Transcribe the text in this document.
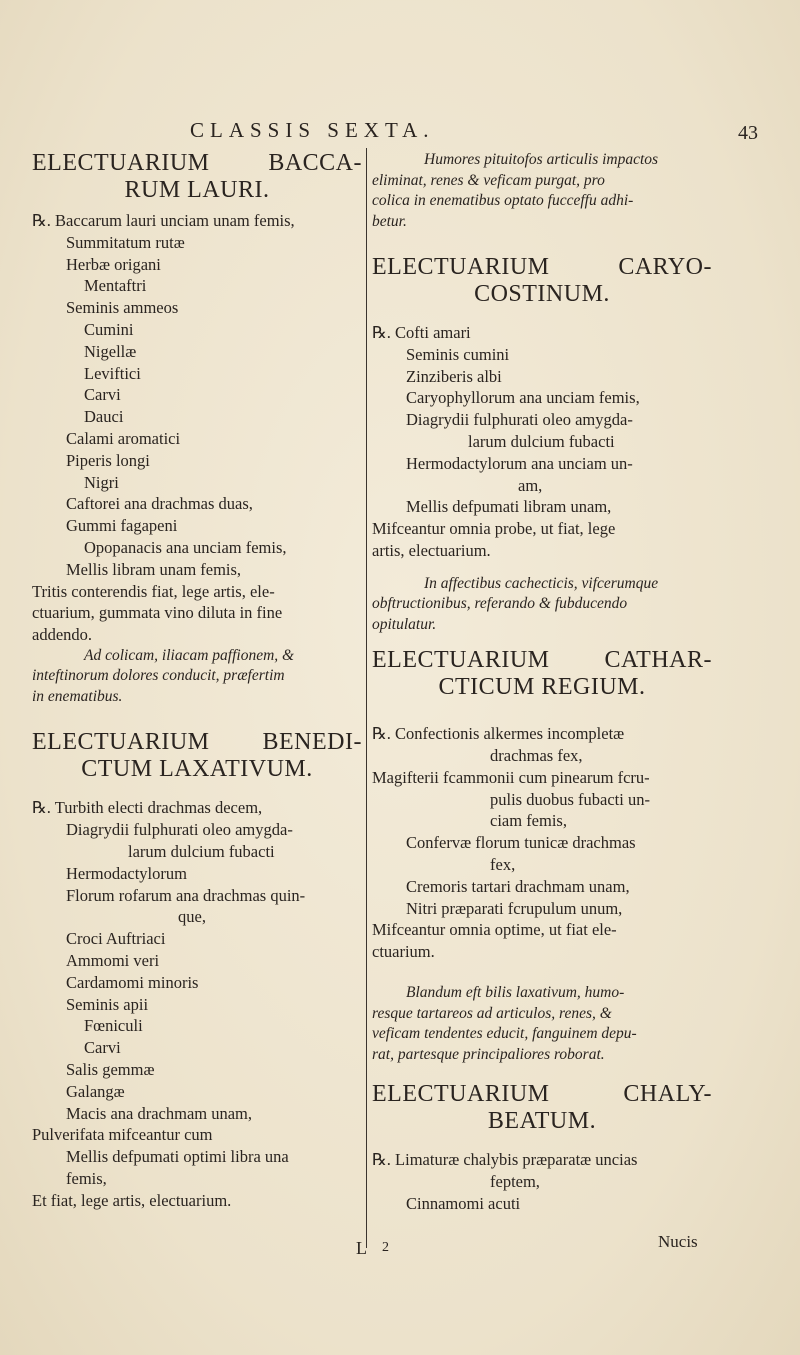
CLASSIS SEXTA.	43
ELECTUARIUM BACCA-
RUM LAURI.
℞. Baccarum lauri unciam unam femis,
Summitatum rutæ
Herbæ origani
Mentaftri
Seminis ammeos
Cumini
Nigellæ
Leviftici
Carvi
Dauci
Calami aromatici
Piperis longi
Nigri
Caftorei ana drachmas duas,
Gummi fagapeni
Opopanacis ana unciam femis,
Mellis libram unam femis,
Tritis conterendis fiat, lege artis, ele-
ctuarium, gummata vino diluta in fine
addendo.
Ad colicam, iliacam paffionem, &
inteftinorum dolores conducit, præfertim
in enematibus.
ELECTUARIUM BENEDI-
CTUM LAXATIVUM.
℞. Turbith electi drachmas decem,
Diagrydii fulphurati oleo amygda-
larum dulcium fubacti
Hermodactylorum
Florum rofarum ana drachmas quin-
que,
Croci Auftriaci
Ammomi veri
Cardamomi minoris
Seminis apii
Fœniculi
Carvi
Salis gemmæ
Galangæ
Macis ana drachmam unam,
Pulverifata mifceantur cum
Mellis defpumati optimi libra una
femis,
Et fiat, lege artis, electuarium.
Humores pituitofos articulis impactos
eliminat, renes & veficam purgat, pro
colica in enematibus optato fucceffu adhi-
betur.
ELECTUARIUM CARYO-
COSTINUM.
℞. Cofti amari
Seminis cumini
Zinziberis albi
Caryophyllorum ana unciam femis,
Diagrydii fulphurati oleo amygda-
larum dulcium fubacti
Hermodactylorum ana unciam un-
am,
Mellis defpumati libram unam,
Mifceantur omnia probe, ut fiat, lege
artis, electuarium.
In affectibus cachecticis, vifcerumque
obftructionibus, referando & fubducendo
opitulatur.
ELECTUARIUM CATHAR-
CTICUM REGIUM.
℞. Confectionis alkermes incompletæ
drachmas fex,
Magifterii fcammonii cum pinearum fcru-
pulis duobus fubacti un-
ciam femis,
Confervæ florum tunicæ drachmas
fex,
Cremoris tartari drachmam unam,
Nitri præparati fcrupulum unum,
Mifceantur omnia optime, ut fiat ele-
ctuarium.
Blandum eft bilis laxativum, humo-
resque tartareos ad articulos, renes, &
veficam tendentes educit, fanguinem depu-
rat, partesque principaliores roborat.
ELECTUARIUM CHALY-
BEATUM.
℞. Limaturæ chalybis præparatæ uncias
feptem,
Cinnamomi acuti
L 2	Nucis
